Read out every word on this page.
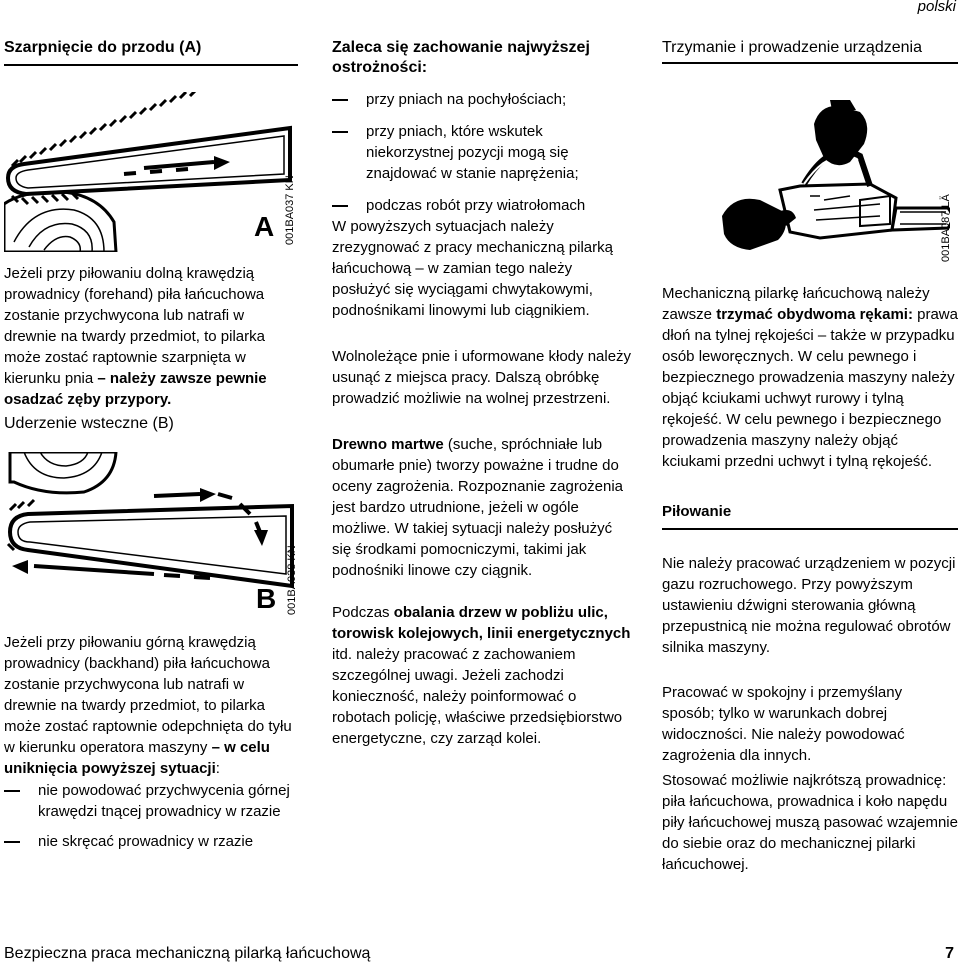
polski
Szarpnięcie do przodu (A)
A 001BA037 KN
Jeżeli przy piłowaniu dolną krawędzią prowadnicy (forehand) piła łańcuchowa zostanie przychwycona lub natrafi w drewnie na twardy przedmiot, to pilarka może zostać raptownie szarpnięta w kierunku pnia – należy zawsze pewnie osadzać zęby przypory.
Uderzenie wsteczne (B)
B 001BA038 KN
Jeżeli przy piłowaniu górną krawędzią prowadnicy (backhand) piła łańcuchowa zostanie przychwycona lub natrafi w drewnie na twardy przedmiot, to pilarka może zostać raptownie odepchnięta do tyłu w kierunku operatora maszyny – w celu uniknięcia powyższej sytuacji:
nie powodować przychwycenia górnej krawędzi tnącej prowadnicy w rzazie
nie skręcać prowadnicy w rzazie
Zaleca się zachowanie najwyższej ostrożności:
przy pniach na pochyłościach;
przy pniach, które wskutek niekorzystnej pozycji mogą się znajdować w stanie naprężenia;
podczas robót przy wiatrołomach
W powyższych sytuacjach należy zrezygnować z pracy mechaniczną pilarką łańcuchową – w zamian tego należy posłużyć się wyciągami chwytakowymi, podnośnikami linowymi lub ciągnikiem.
Wolnoleżące pnie i uformowane kłody należy usunąć z miejsca pracy. Dalszą obróbkę prowadzić możliwie na wolnej przestrzeni.
Drewno martwe (suche, spróchniałe lub obumarłe pnie) tworzy poważne i trudne do oceny zagrożenia. Rozpoznanie zagrożenia jest bardzo utrudnione, jeżeli w ogóle możliwe. W takiej sytuacji należy posłużyć się środkami pomocniczymi, takimi jak podnośniki linowe czy ciągnik.
Podczas obalania drzew w pobliżu ulic, torowisk kolejowych, linii energetycznych itd. należy pracować z zachowaniem szczególnej uwagi. Jeżeli zachodzi konieczność, należy poinformować o robotach policję, właściwe przedsiębiorstwo energetyczne, czy zarząd kolei.
Trzymanie i prowadzenie urządzenia
001BA087 LÄ
Mechaniczną pilarkę łańcuchową należy zawsze trzymać obydwoma rękami: prawa dłoń na tylnej rękojeści – także w przypadku osób leworęcznych. W celu pewnego i bezpiecznego prowadzenia maszyny należy objąć kciukami uchwyt rurowy i tylną rękojeść. W celu pewnego i bezpiecznego prowadzenia maszyny należy objąć kciukami przedni uchwyt i tylną rękojeść.
Piłowanie
Nie należy pracować urządzeniem w pozycji gazu rozruchowego. Przy powyższym ustawieniu dźwigni sterowania główną przepustnicą nie można regulować obrotów silnika maszyny.
Pracować w spokojny i przemyślany sposób; tylko w warunkach dobrej widoczności. Nie należy powodować zagrożenia dla innych.
Stosować możliwie najkrótszą prowadnicę: piła łańcuchowa, prowadnica i koło napędu piły łańcuchowej muszą pasować wzajemnie do siebie oraz do mechanicznej pilarki łańcuchowej.
Bezpieczna praca mechaniczną pilarką łańcuchową	7
